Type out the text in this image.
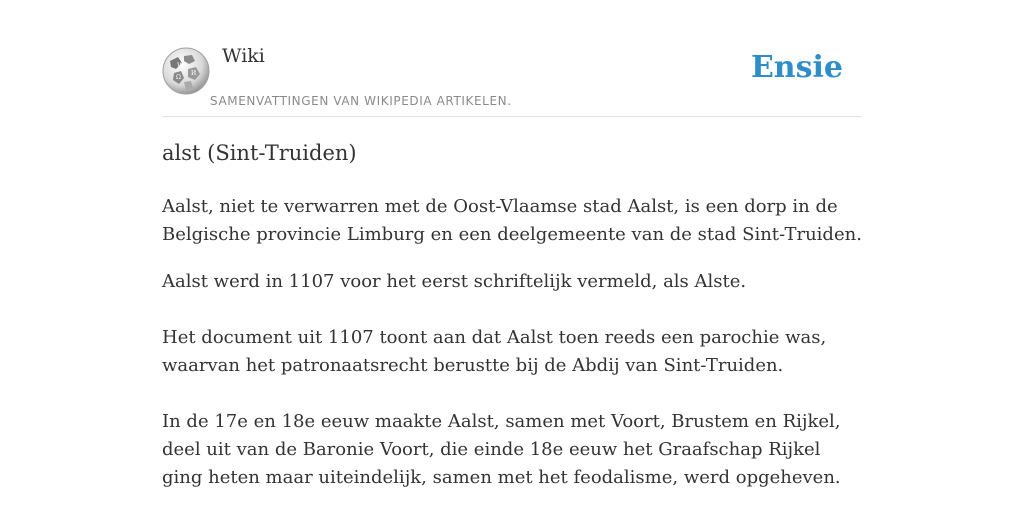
W
И
Ω
Wiki
SAMENVATTINGEN VAN WIKIPEDIA ARTIKELEN.
Ensie
alst (Sint-Truiden)

Aalst, niet te verwarren met de Oost-Vlaamse stad Aalst, is een dorp in de Belgische provincie Limburg en een deelgemeente van de stad Sint-Truiden.

Aalst werd in 1107 voor het eerst schriftelijk vermeld, als Alste.

Het document uit 1107 toont aan dat Aalst toen reeds een parochie was, waarvan het patronaatsrecht berustte bij de Abdij van Sint-Truiden.

In de 17e en 18e eeuw maakte Aalst, samen met Voort, Brustem en Rijkel, deel uit van de Baronie Voort, die einde 18e eeuw het Graafschap Rijkel ging heten maar uiteindelijk, samen met het feodalisme, werd opgeheven.
